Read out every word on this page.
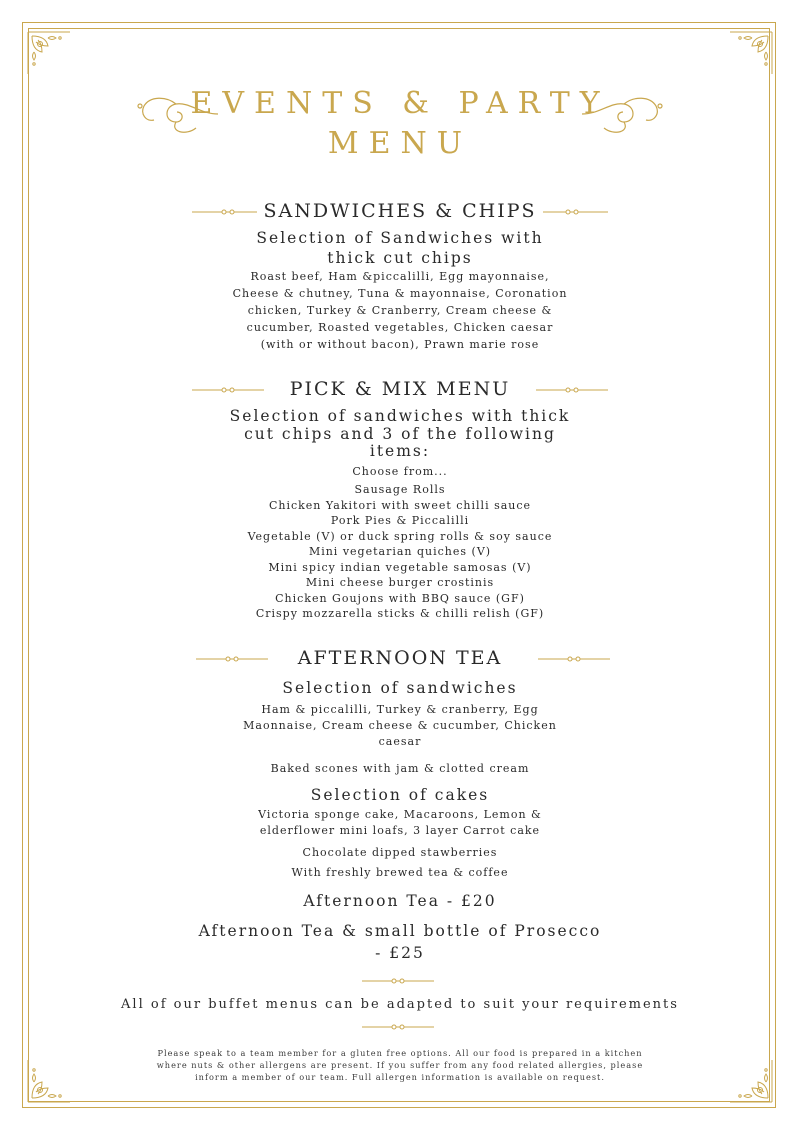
EVENTS & PARTY
MENU
SANDWICHES & CHIPS
Selection of Sandwiches with
thick cut chips
Roast beef, Ham &piccalilli, Egg mayonnaise,
Cheese & chutney, Tuna & mayonnaise, Coronation
chicken, Turkey & Cranberry, Cream cheese &
cucumber, Roasted vegetables, Chicken caesar
(with or without bacon), Prawn marie rose
PICK & MIX MENU
Selection of sandwiches with thick
cut chips and 3 of the following
items:
Choose from...
Sausage Rolls
Chicken Yakitori with sweet chilli sauce
Pork Pies & Piccalilli
Vegetable (V) or duck spring rolls & soy sauce
Mini vegetarian quiches (V)
Mini spicy indian vegetable samosas (V)
Mini cheese burger crostinis
Chicken Goujons with BBQ sauce (GF)
Crispy mozzarella sticks & chilli relish (GF)
AFTERNOON TEA
Selection of sandwiches
Ham & piccalilli, Turkey & cranberry, Egg
Maonnaise, Cream cheese & cucumber, Chicken
caesar
Baked scones with jam & clotted cream
Selection of cakes
Victoria sponge cake, Macaroons, Lemon &
elderflower mini loafs, 3 layer Carrot cake
Chocolate dipped stawberries
With freshly brewed tea & coffee
Afternoon Tea - £20
Afternoon Tea & small bottle of Prosecco
- £25
All of our buffet menus can be adapted to suit your requirements
Please speak to a team member for a gluten free options. All our food is prepared in a kitchen
where nuts & other allergens are present. If you suffer from any food related allergies, please
inform a member of our team. Full allergen information is available on request.
